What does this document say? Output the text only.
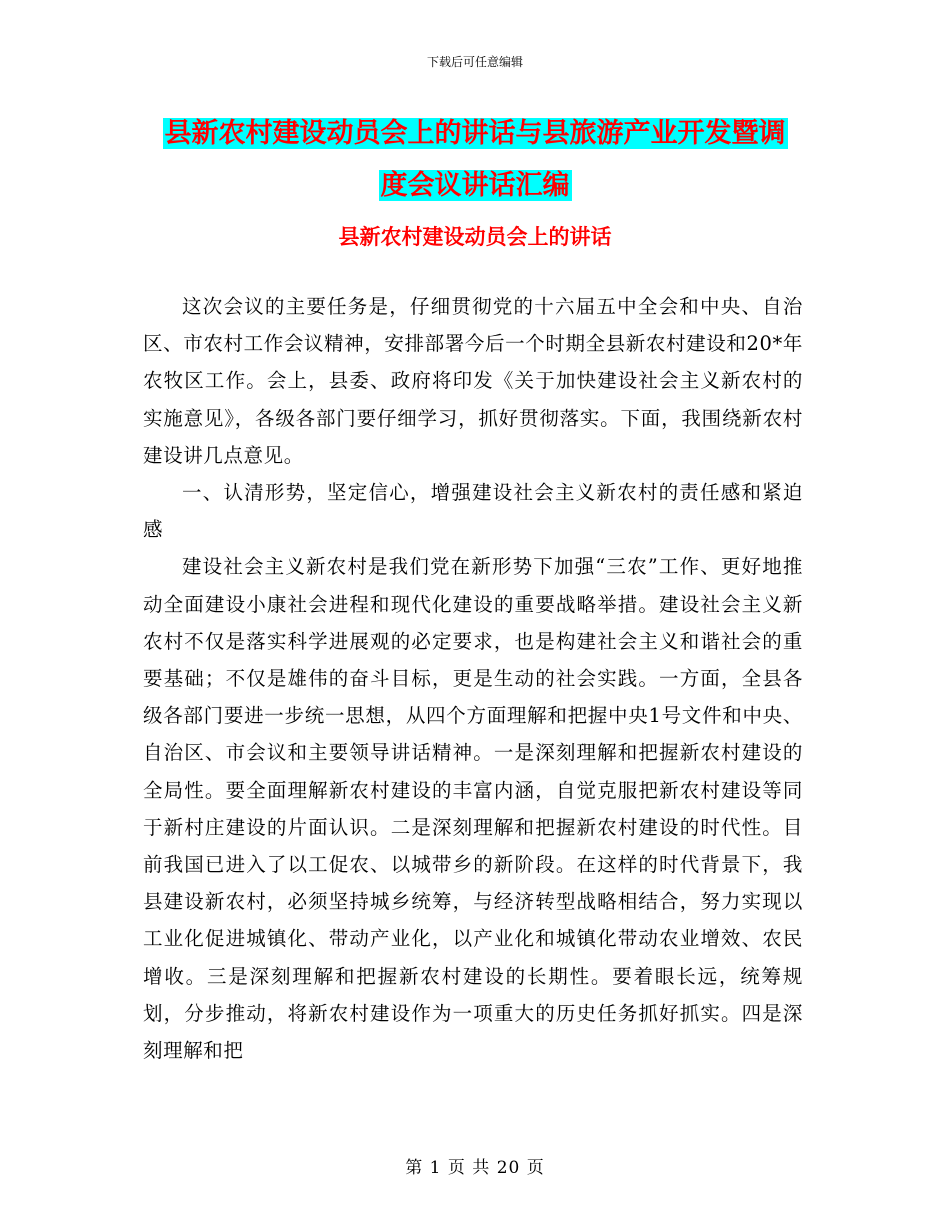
下载后可任意编辑
县新农村建设动员会上的讲话与县旅游产业开发暨调
度会议讲话汇编
县新农村建设动员会上的讲话

这次会议的主要任务是，仔细贯彻党的十六届五中全会和中央、自治区、市农村工作会议精神，安排部署今后一个时期全县新农村建设和20*年农牧区工作。会上，县委、政府将印发《关于加快建设社会主义新农村的实施意见》，各级各部门要仔细学习，抓好贯彻落实。下面，我围绕新农村建设讲几点意见。

一、认清形势，坚定信心，增强建设社会主义新农村的责任感和紧迫感

建设社会主义新农村是我们党在新形势下加强“三农”工作、更好地推动全面建设小康社会进程和现代化建设的重要战略举措。建设社会主义新农村不仅是落实科学进展观的必定要求，也是构建社会主义和谐社会的重要基础；不仅是雄伟的奋斗目标，更是生动的社会实践。一方面，全县各级各部门要进一步统一思想，从四个方面理解和把握中央1号文件和中央、自治区、市会议和主要领导讲话精神。一是深刻理解和把握新农村建设的全局性。要全面理解新农村建设的丰富内涵，自觉克服把新农村建设等同于新村庄建设的片面认识。二是深刻理解和把握新农村建设的时代性。目前我国已进入了以工促农、以城带乡的新阶段。在这样的时代背景下，我县建设新农村，必须坚持城乡统筹，与经济转型战略相结合，努力实现以工业化促进城镇化、带动产业化，以产业化和城镇化带动农业增效、农民增收。三是深刻理解和把握新农村建设的长期性。要着眼长远，统筹规划，分步推动，将新农村建设作为一项重大的历史任务抓好抓实。四是深刻理解和把

第 1 页 共 20 页
